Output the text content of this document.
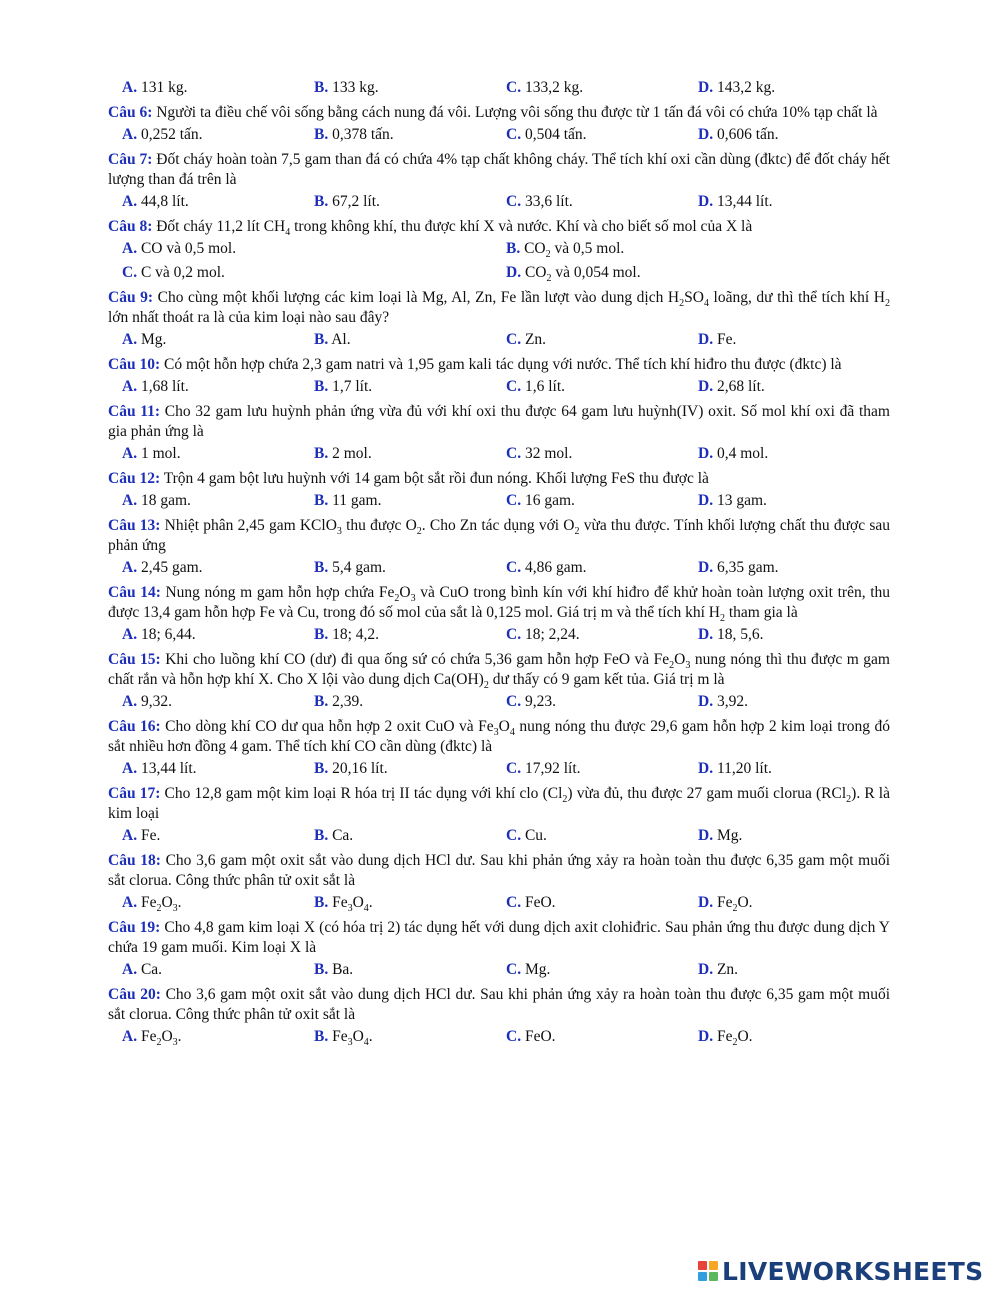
A. 131 kg.	B. 133 kg.	C. 133,2 kg.	D. 143,2 kg.
Câu 6: Người ta điều chế vôi sống bằng cách nung đá vôi. Lượng vôi sống thu được từ 1 tấn đá vôi có chứa 10% tạp chất là
A. 0,252 tấn.	B. 0,378 tấn.	C. 0,504 tấn.	D. 0,606 tấn.
Câu 7: Đốt cháy hoàn toàn 7,5 gam than đá có chứa 4% tạp chất không cháy. Thể tích khí oxi cần dùng (đktc) để đốt cháy hết lượng than đá trên là
A. 44,8 lít.	B. 67,2 lít.	C. 33,6 lít.	D. 13,44 lít.
Câu 8: Đốt cháy 11,2 lít $CH_4$ trong không khí, thu được khí X và nước. Khí và cho biết số mol của X là
A. CO và 0,5 mol.	B. $CO_2$ và 0,5 mol.
C. C và 0,2 mol.	D. $CO_2$ và 0,054 mol.
Câu 9: Cho cùng một khối lượng các kim loại là Mg, Al, Zn, Fe lần lượt vào dung dịch $H_2SO_4$ loãng, dư thì thể tích khí $H_2$ lớn nhất thoát ra là của kim loại nào sau đây?
A. Mg.	B. Al.	C. Zn.	D. Fe.
Câu 10: Có một hỗn hợp chứa 2,3 gam natri và 1,95 gam kali tác dụng với nước. Thể tích khí hiđro thu được (đktc) là
A. 1,68 lít.	B. 1,7 lít.	C. 1,6 lít.	D. 2,68 lít.
Câu 11: Cho 32 gam lưu huỳnh phản ứng vừa đủ với khí oxi thu được 64 gam lưu huỳnh(IV) oxit. Số mol khí oxi đã tham gia phản ứng là
A. 1 mol.	B. 2 mol.	C. 32 mol.	D. 0,4 mol.
Câu 12: Trộn 4 gam bột lưu huỳnh với 14 gam bột sắt rồi đun nóng. Khối lượng FeS thu được là
A. 18 gam.	B. 11 gam.	C. 16 gam.	D. 13 gam.
Câu 13: Nhiệt phân 2,45 gam KClO$_3$ thu được $O_2$. Cho Zn tác dụng với $O_2$ vừa thu được. Tính khối lượng chất thu được sau phản ứng
A. 2,45 gam.	B. 5,4 gam.	C. 4,86 gam.	D. 6,35 gam.
Câu 14: Nung nóng m gam hỗn hợp chứa $Fe_2O_3$ và CuO trong bình kín với khí hiđro để khử hoàn toàn lượng oxit trên, thu được 13,4 gam hỗn hợp Fe và Cu, trong đó số mol của sắt là 0,125 mol. Giá trị m và thể tích khí $H_2$ tham gia là
A. 18; 6,44.	B. 18; 4,2.	C. 18; 2,24.	D. 18, 5,6.
Câu 15: Khi cho luồng khí CO (dư) đi qua ống sứ có chứa 5,36 gam hỗn hợp FeO và $Fe_2O_3$ nung nóng thì thu được m gam chất rắn và hỗn hợp khí X. Cho X lội vào dung dịch $Ca(OH)_2$ dư thấy có 9 gam kết tủa. Giá trị m là
A. 9,32.	B. 2,39.	C. 9,23.	D. 3,92.
Câu 16: Cho dòng khí CO dư qua hỗn hợp 2 oxit CuO và $Fe_3O_4$ nung nóng thu được 29,6 gam hỗn hợp 2 kim loại trong đó sắt nhiều hơn đồng 4 gam. Thể tích khí CO cần dùng (đktc) là
A. 13,44 lít.	B. 20,16 lít.	C. 17,92 lít.	D. 11,20 lít.
Câu 17: Cho 12,8 gam một kim loại R hóa trị II tác dụng với khí clo $(Cl_2)$ vừa đủ, thu được 27 gam muối clorua (RCl$_2$). R là kim loại
A. Fe.	B. Ca.	C. Cu.	D. Mg.
Câu 18: Cho 3,6 gam một oxit sắt vào dung dịch HCl dư. Sau khi phản ứng xảy ra hoàn toàn thu được 6,35 gam một muối sắt clorua. Công thức phân tử oxit sắt là
A. $Fe_2O_3$.	B. $Fe_3O_4$.	C. FeO.	D. $Fe_2O$.
Câu 19: Cho 4,8 gam kim loại X (có hóa trị 2) tác dụng hết với dung dịch axit clohiđric. Sau phản ứng thu được dung dịch Y chứa 19 gam muối. Kim loại X là
A. Ca.	B. Ba.	C. Mg.	D. Zn.
Câu 20: Cho 3,6 gam một oxit sắt vào dung dịch HCl dư. Sau khi phản ứng xảy ra hoàn toàn thu được 6,35 gam một muối sắt clorua. Công thức phân tử oxit sắt là
A. $Fe_2O_3$.	B. $Fe_3O_4$.	C. FeO.	D. $Fe_2O$.
LIVEWORKSHEETS
